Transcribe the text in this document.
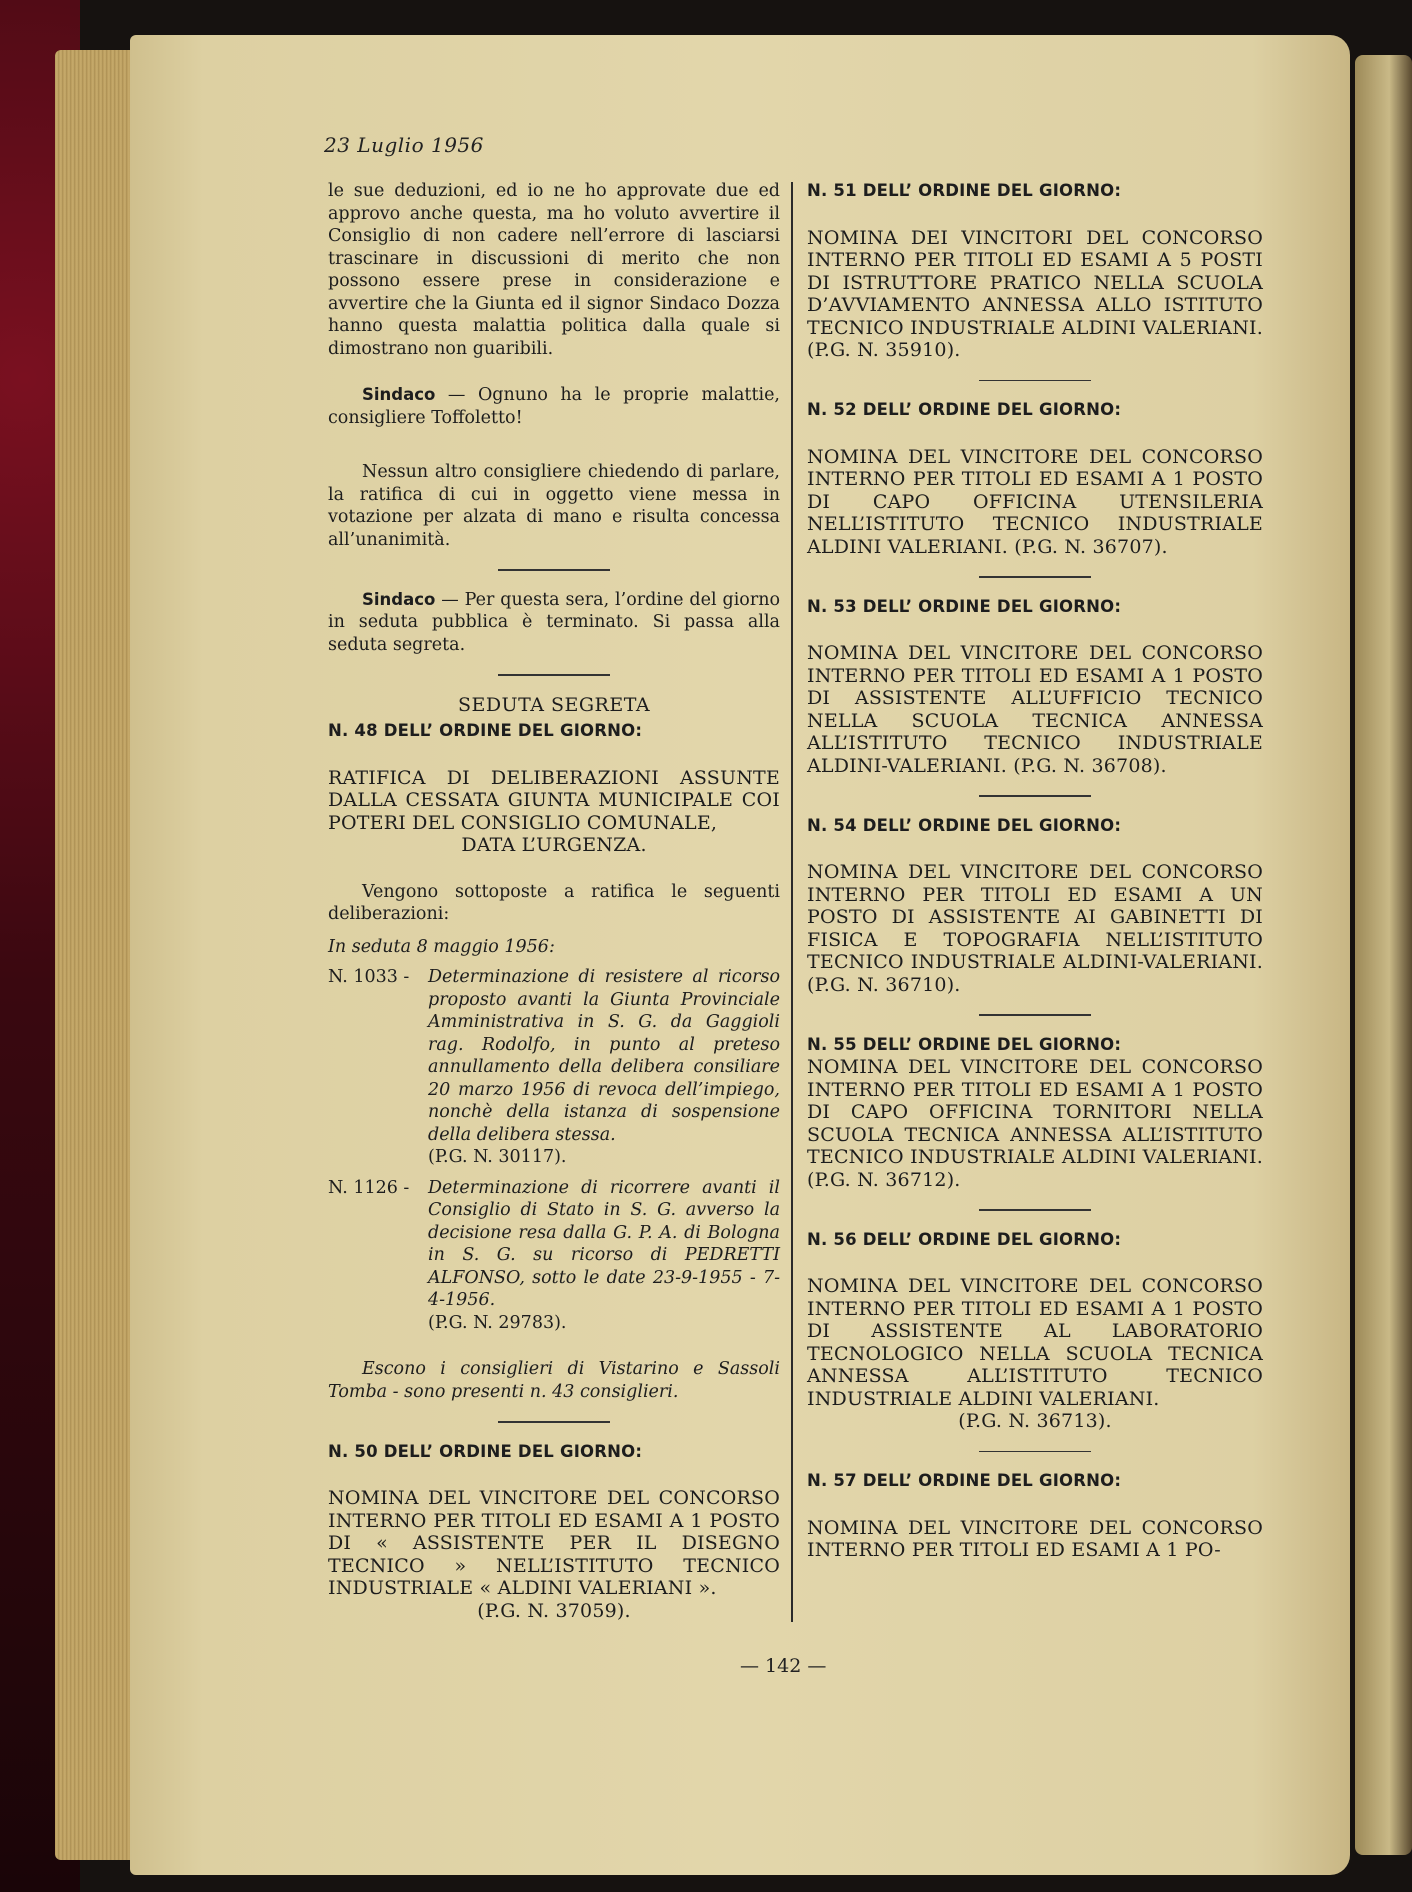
23 Luglio 1956

le sue deduzioni, ed io ne ho approvate due ed approvo anche questa, ma ho voluto avvertire il Consiglio di non cadere nell’errore di lasciarsi trascinare in discussioni di merito che non possono essere prese in considerazione e avvertire che la Giunta ed il signor Sindaco Dozza hanno questa malattia politica dalla quale si dimostrano non guaribili.

Sindaco — Ognuno ha le proprie malattie, consigliere Toffoletto!

Nessun altro consigliere chiedendo di parlare, la ratifica di cui in oggetto viene messa in votazione per alzata di mano e risulta concessa all’unanimità.

Sindaco — Per questa sera, l’ordine del giorno in seduta pubblica è terminato. Si passa alla seduta segreta.

SEDUTA SEGRETA
N. 48 DELL’ ORDINE DEL GIORNO:
RATIFICA DI DELIBERAZIONI ASSUNTE DALLA CESSATA GIUNTA MUNICIPALE COI POTERI DEL CONSIGLIO COMUNALE,
DATA L’URGENZA.

Vengono sottoposte a ratifica le seguenti deliberazioni:

In seduta 8 maggio 1956:

N. 1033 -	Determinazione di resistere al ricorso proposto avanti la Giunta Provinciale Amministrativa in S. G. da Gaggioli rag. Rodolfo, in punto al preteso annullamento della delibera consiliare 20 marzo 1956 di revoca dell’impiego, nonchè della istanza di sospensione della delibera stessa.
(P.G. N. 30117).
N. 1126 -	Determinazione di ricorrere avanti il Consiglio di Stato in S. G. avverso la decisione resa dalla G. P. A. di Bologna in S. G. su ricorso di PEDRETTI ALFONSO, sotto le date 23-9-1955 - 7-4-1956.
(P.G. N. 29783).

Escono i consiglieri di Vistarino e Sassoli Tomba - sono presenti n. 43 consiglieri.

N. 50 DELL’ ORDINE DEL GIORNO:
NOMINA DEL VINCITORE DEL CONCORSO INTERNO PER TITOLI ED ESAMI A 1 POSTO DI « ASSISTENTE PER IL DISEGNO TECNICO » NELL’ISTITUTO TECNICO INDUSTRIALE « ALDINI VALERIANI ».
(P.G. N. 37059).
N. 51 DELL’ ORDINE DEL GIORNO:
NOMINA DEI VINCITORI DEL CONCORSO INTERNO PER TITOLI ED ESAMI A 5 POSTI DI ISTRUTTORE PRATICO NELLA SCUOLA D’AVVIAMENTO ANNESSA ALLO ISTITUTO TECNICO INDUSTRIALE ALDINI VALERIANI. (P.G. N. 35910).
N. 52 DELL’ ORDINE DEL GIORNO:
NOMINA DEL VINCITORE DEL CONCORSO INTERNO PER TITOLI ED ESAMI A 1 POSTO DI CAPO OFFICINA UTENSILERIA NELL’ISTITUTO TECNICO INDUSTRIALE ALDINI VALERIANI. (P.G. N. 36707).
N. 53 DELL’ ORDINE DEL GIORNO:
NOMINA DEL VINCITORE DEL CONCORSO INTERNO PER TITOLI ED ESAMI A 1 POSTO DI ASSISTENTE ALL’UFFICIO TECNICO NELLA SCUOLA TECNICA ANNESSA ALL’ISTITUTO TECNICO INDUSTRIALE ALDINI-VALERIANI. (P.G. N. 36708).
N. 54 DELL’ ORDINE DEL GIORNO:
NOMINA DEL VINCITORE DEL CONCORSO INTERNO PER TITOLI ED ESAMI A UN POSTO DI ASSISTENTE AI GABINETTI DI FISICA E TOPOGRAFIA NELL’ISTITUTO TECNICO INDUSTRIALE ALDINI-VALERIANI. (P.G. N. 36710).
N. 55 DELL’ ORDINE DEL GIORNO:
NOMINA DEL VINCITORE DEL CONCORSO INTERNO PER TITOLI ED ESAMI A 1 POSTO DI CAPO OFFICINA TORNITORI NELLA SCUOLA TECNICA ANNESSA ALL’ISTITUTO TECNICO INDUSTRIALE ALDINI VALERIANI. (P.G. N. 36712).
N. 56 DELL’ ORDINE DEL GIORNO:
NOMINA DEL VINCITORE DEL CONCORSO INTERNO PER TITOLI ED ESAMI A 1 POSTO DI ASSISTENTE AL LABORATORIO TECNOLOGICO NELLA SCUOLA TECNICA ANNESSA ALL’ISTITUTO TECNICO INDUSTRIALE ALDINI VALERIANI.
(P.G. N. 36713).
N. 57 DELL’ ORDINE DEL GIORNO:
NOMINA DEL VINCITORE DEL CONCORSO INTERNO PER TITOLI ED ESAMI A 1 PO-
— 142 —
